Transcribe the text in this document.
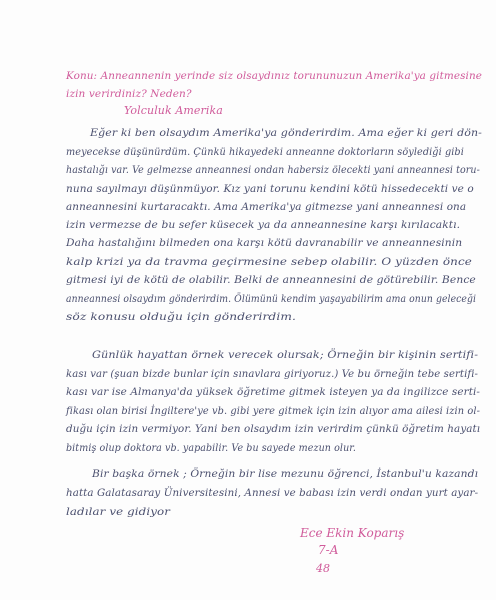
Konu: Anneannenin yerinde siz olsaydınız torununuzun Amerika'ya gitmesine
izin verirdiniz? Neden?
Yolculuk Amerika
Eğer ki ben olsaydım Amerika'ya gönderirdim. Ama eğer ki geri dön-
meyecekse düşünürdüm. Çünkü hikayedeki anneanne doktorların söylediği gibi
hastalığı var. Ve gelmezse anneannesi ondan habersiz ölecekti yani anneannesi toru-
nuna sayılmayı düşünmüyor. Kız yani torunu kendini kötü hissedecekti ve o
anneannesini kurtaracaktı. Ama Amerika'ya gitmezse yani anneannesi ona
izin vermezse de bu sefer küsecek ya da anneannesine karşı kırılacaktı.
Daha hastalığını bilmeden ona karşı kötü davranabilir ve anneannesinin
kalp krizi ya da travma geçirmesine sebep olabilir. O yüzden önce
gitmesi iyi de kötü de olabilir. Belki de anneannesini de götürebilir. Bence
anneannesi olsaydım gönderirdim. Ölümünü kendim yaşayabilirim ama onun geleceği
söz konusu olduğu için gönderirdim.
Günlük hayattan örnek verecek olursak; Örneğin bir kişinin sertifi-
kası var (şuan bizde bunlar için sınavlara giriyoruz.) Ve bu örneğin tebe sertifi-
kası var ise Almanya'da yüksek öğretime gitmek isteyen ya da ingilizce serti-
fikası olan birisi İngiltere'ye vb. gibi yere gitmek için izin alıyor ama ailesi izin ol-
duğu için izin vermiyor. Yani ben olsaydım izin verirdim çünkü öğretim hayatı
bitmiş olup doktora vb. yapabilir. Ve bu sayede mezun olur.
Bir başka örnek ; Örneğin bir lise mezunu öğrenci, İstanbul'u kazandı
hatta Galatasaray Üniversitesini, Annesi ve babası izin verdi ondan yurt ayar-
ladılar ve gidiyor
Ece Ekin Koparış
7-A
48
